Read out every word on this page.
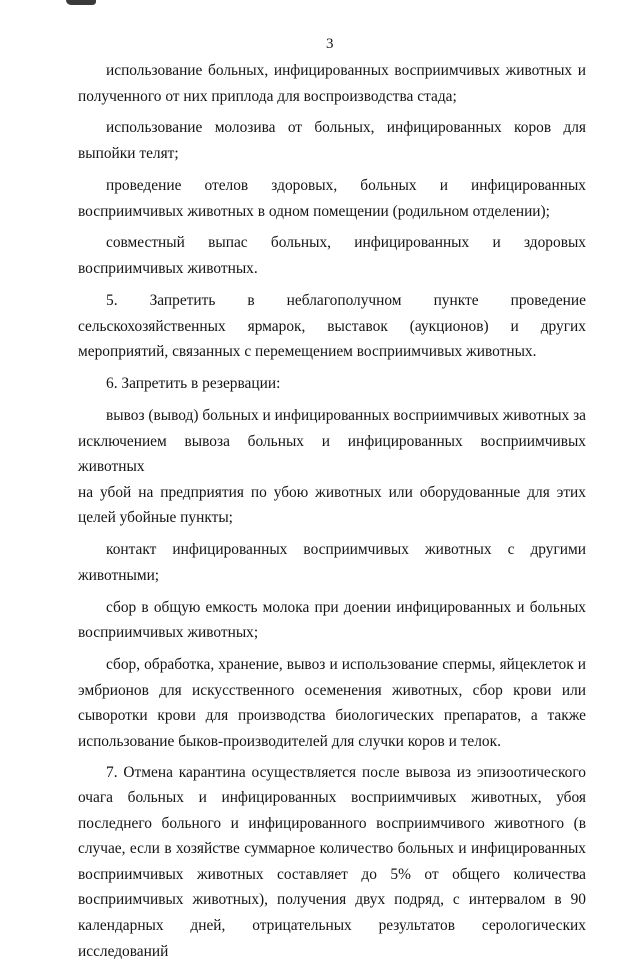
3

использование больных, инфицированных восприимчивых животных и
полученного от них приплода для воспроизводства стада;

использование молозива от больных, инфицированных коров для
выпойки телят;

проведение отелов здоровых, больных и инфицированных
восприимчивых животных в одном помещении (родильном отделении);

совместный выпас больных, инфицированных и здоровых
восприимчивых животных.

5. Запретить в неблагополучном пункте проведение
сельскохозяйственных ярмарок, выставок (аукционов) и других
мероприятий, связанных с перемещением восприимчивых животных.

6. Запретить в резервации:

вывоз (вывод) больных и инфицированных восприимчивых животных за
исключением вывоза больных и инфицированных восприимчивых животных
на убой на предприятия по убою животных или оборудованные для этих
целей убойные пункты;

контакт инфицированных восприимчивых животных с другими
животными;

сбор в общую емкость молока при доении инфицированных и больных
восприимчивых животных;

сбор, обработка, хранение, вывоз и использование спермы, яйцеклеток и
эмбрионов для искусственного осеменения животных, сбор крови или
сыворотки крови для производства биологических препаратов, а также
использование быков-производителей для случки коров и телок.

7. Отмена карантина осуществляется после вывоза из эпизоотического
очага больных и инфицированных восприимчивых животных, убоя
последнего больного и инфицированного восприимчивого животного (в
случае, если в хозяйстве суммарное количество больных и инфицированных
восприимчивых животных составляет до 5% от общего количества
восприимчивых животных), получения двух подряд, с интервалом в 90
календарных дней, отрицательных результатов серологических исследований
